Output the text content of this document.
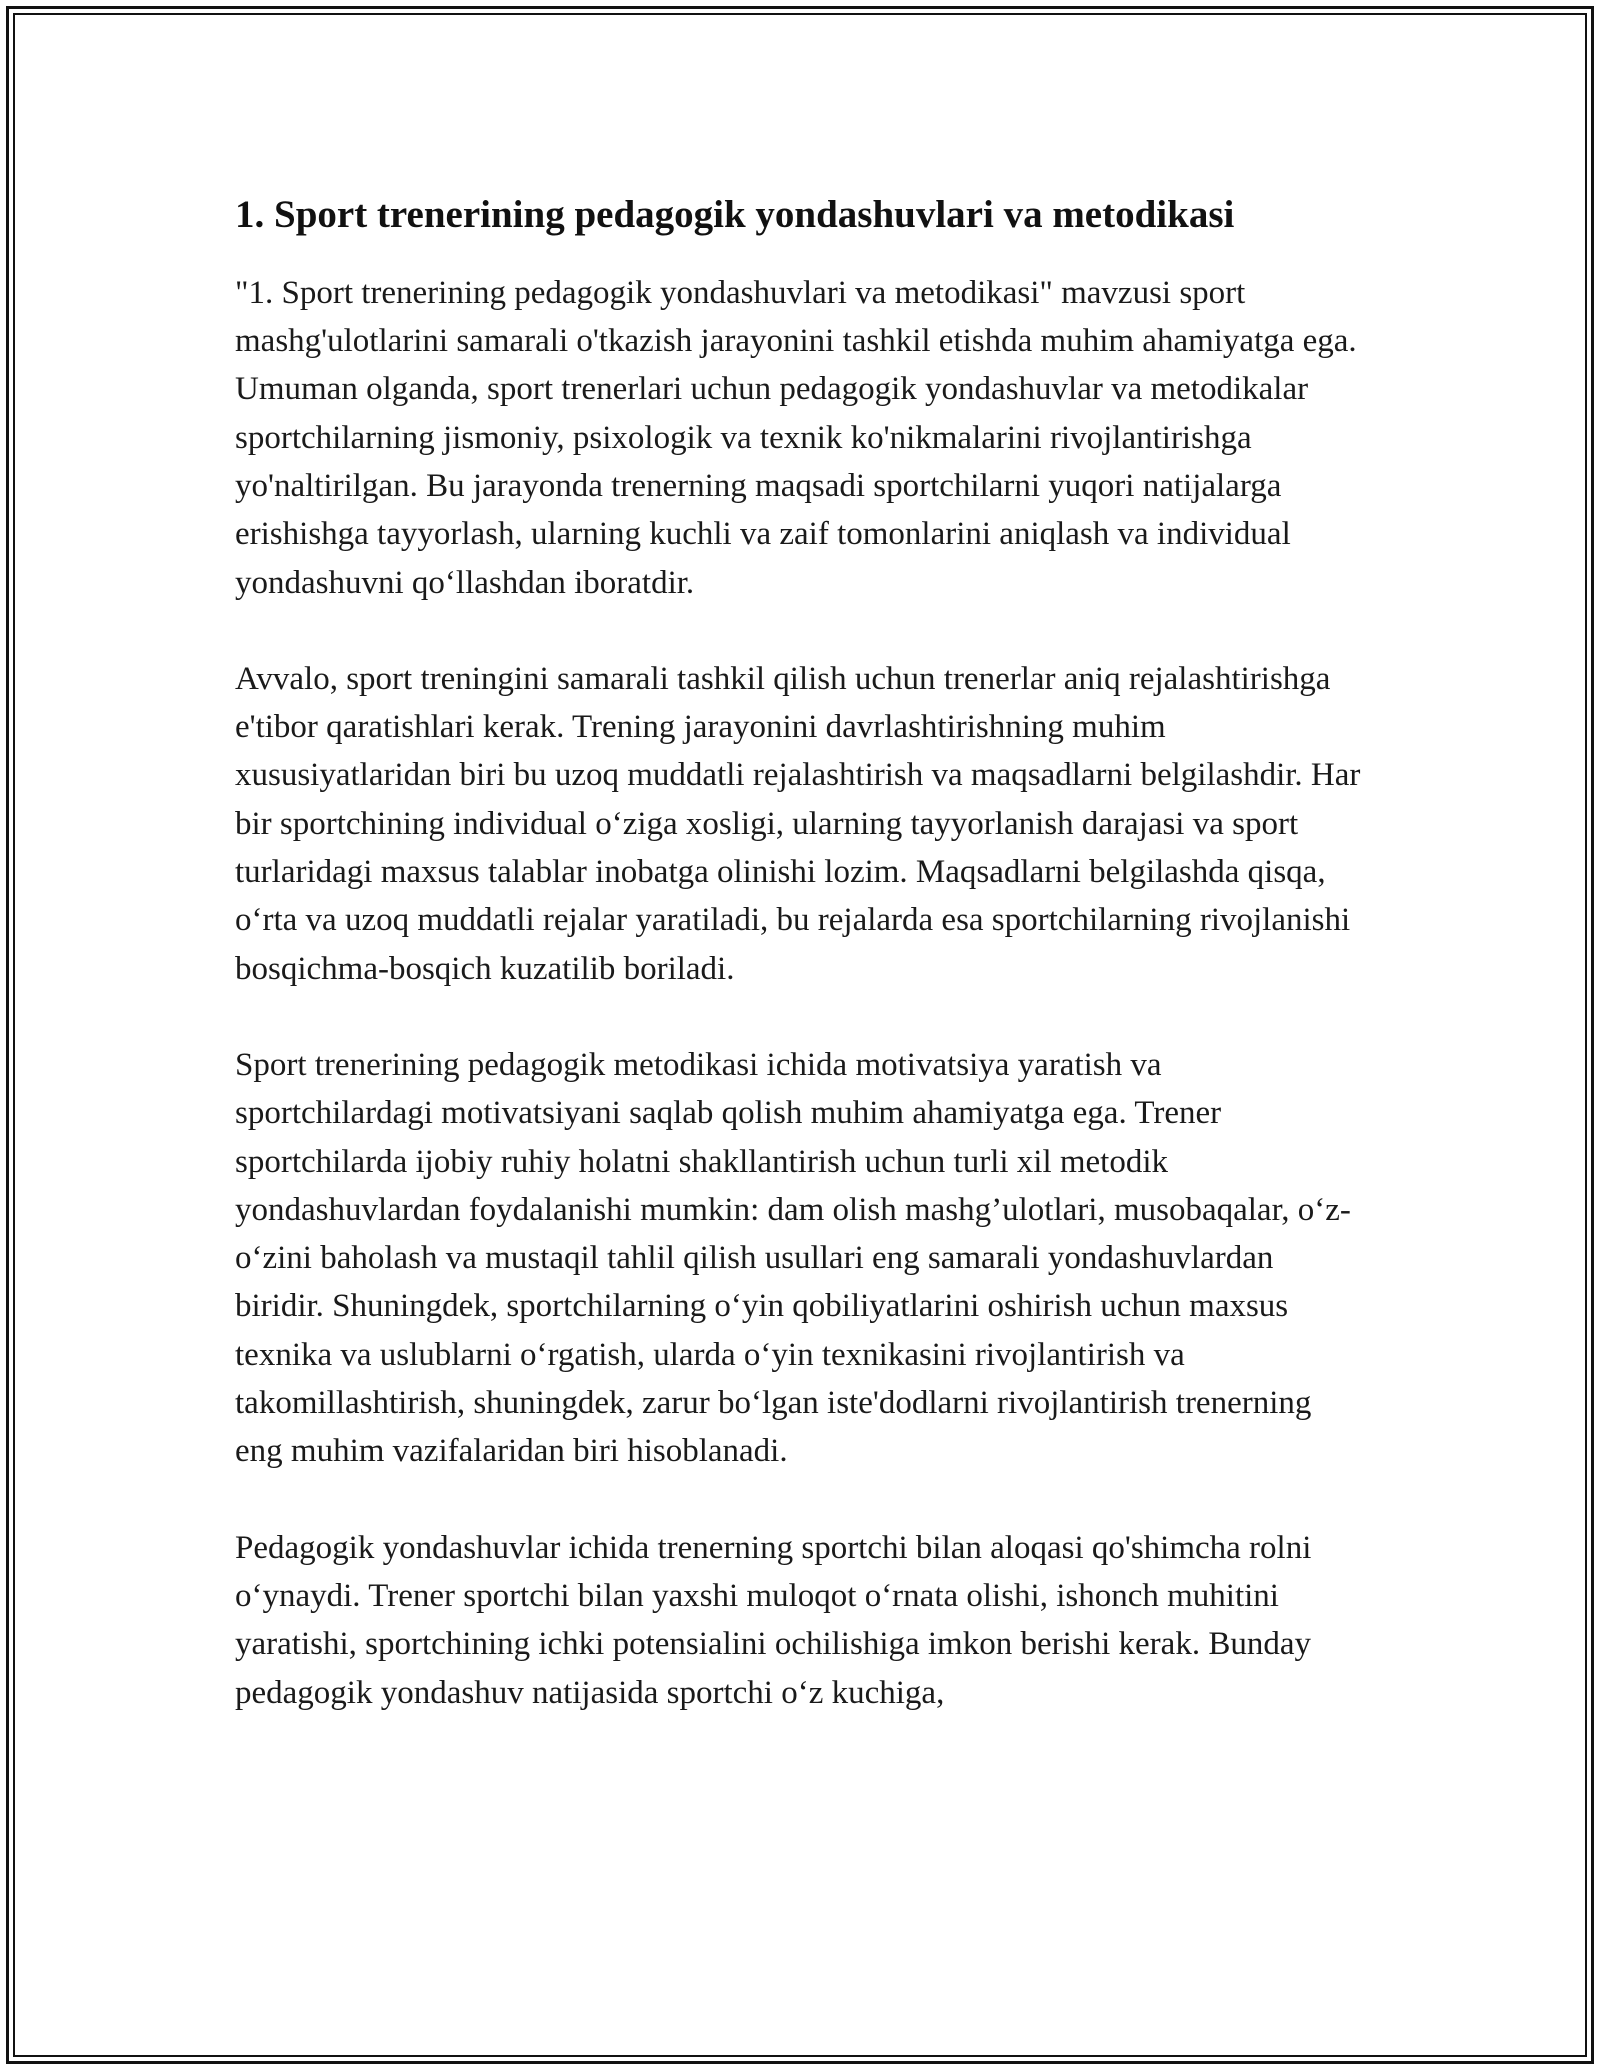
1. Sport trenerining pedagogik yondashuvlari va metodikasi

"1. Sport trenerining pedagogik yondashuvlari va metodikasi" mavzusi sport mashg'ulotlarini samarali o'tkazish jarayonini tashkil etishda muhim ahamiyatga ega. Umuman olganda, sport trenerlari uchun pedagogik yondashuvlar va metodikalar sportchilarning jismoniy, psixologik va texnik ko'nikmalarini rivojlantirishga yo'naltirilgan. Bu jarayonda trenerning maqsadi sportchilarni yuqori natijalarga erishishga tayyorlash, ularning kuchli va zaif tomonlarini aniqlash va individual yondashuvni qo‘llashdan iboratdir.

Avvalo, sport treningini samarali tashkil qilish uchun trenerlar aniq rejalashtirishga e'tibor qaratishlari kerak. Trening jarayonini davrlashtirishning muhim xususiyatlaridan biri bu uzoq muddatli rejalashtirish va maqsadlarni belgilashdir. Har bir sportchining individual o‘ziga xosligi, ularning tayyorlanish darajasi va sport turlaridagi maxsus talablar inobatga olinishi lozim. Maqsadlarni belgilashda qisqa, o‘rta va uzoq muddatli rejalar yaratiladi, bu rejalarda esa sportchilarning rivojlanishi bosqichma-bosqich kuzatilib boriladi.

Sport trenerining pedagogik metodikasi ichida motivatsiya yaratish va sportchilardagi motivatsiyani saqlab qolish muhim ahamiyatga ega. Trener sportchilarda ijobiy ruhiy holatni shakllantirish uchun turli xil metodik yondashuvlardan foydalanishi mumkin: dam olish mashg’ulotlari, musobaqalar, o‘z-o‘zini baholash va mustaqil tahlil qilish usullari eng samarali yondashuvlardan biridir. Shuningdek, sportchilarning o‘yin qobiliyatlarini oshirish uchun maxsus texnika va uslublarni o‘rgatish, ularda o‘yin texnikasini rivojlantirish va takomillashtirish, shuningdek, zarur bo‘lgan iste'dodlarni rivojlantirish trenerning eng muhim vazifalaridan biri hisoblanadi.

Pedagogik yondashuvlar ichida trenerning sportchi bilan aloqasi qo'shimcha rolni o‘ynaydi. Trener sportchi bilan yaxshi muloqot o‘rnata olishi, ishonch muhitini yaratishi, sportchining ichki potensialini ochilishiga imkon berishi kerak. Bunday pedagogik yondashuv natijasida sportchi o‘z kuchiga,
